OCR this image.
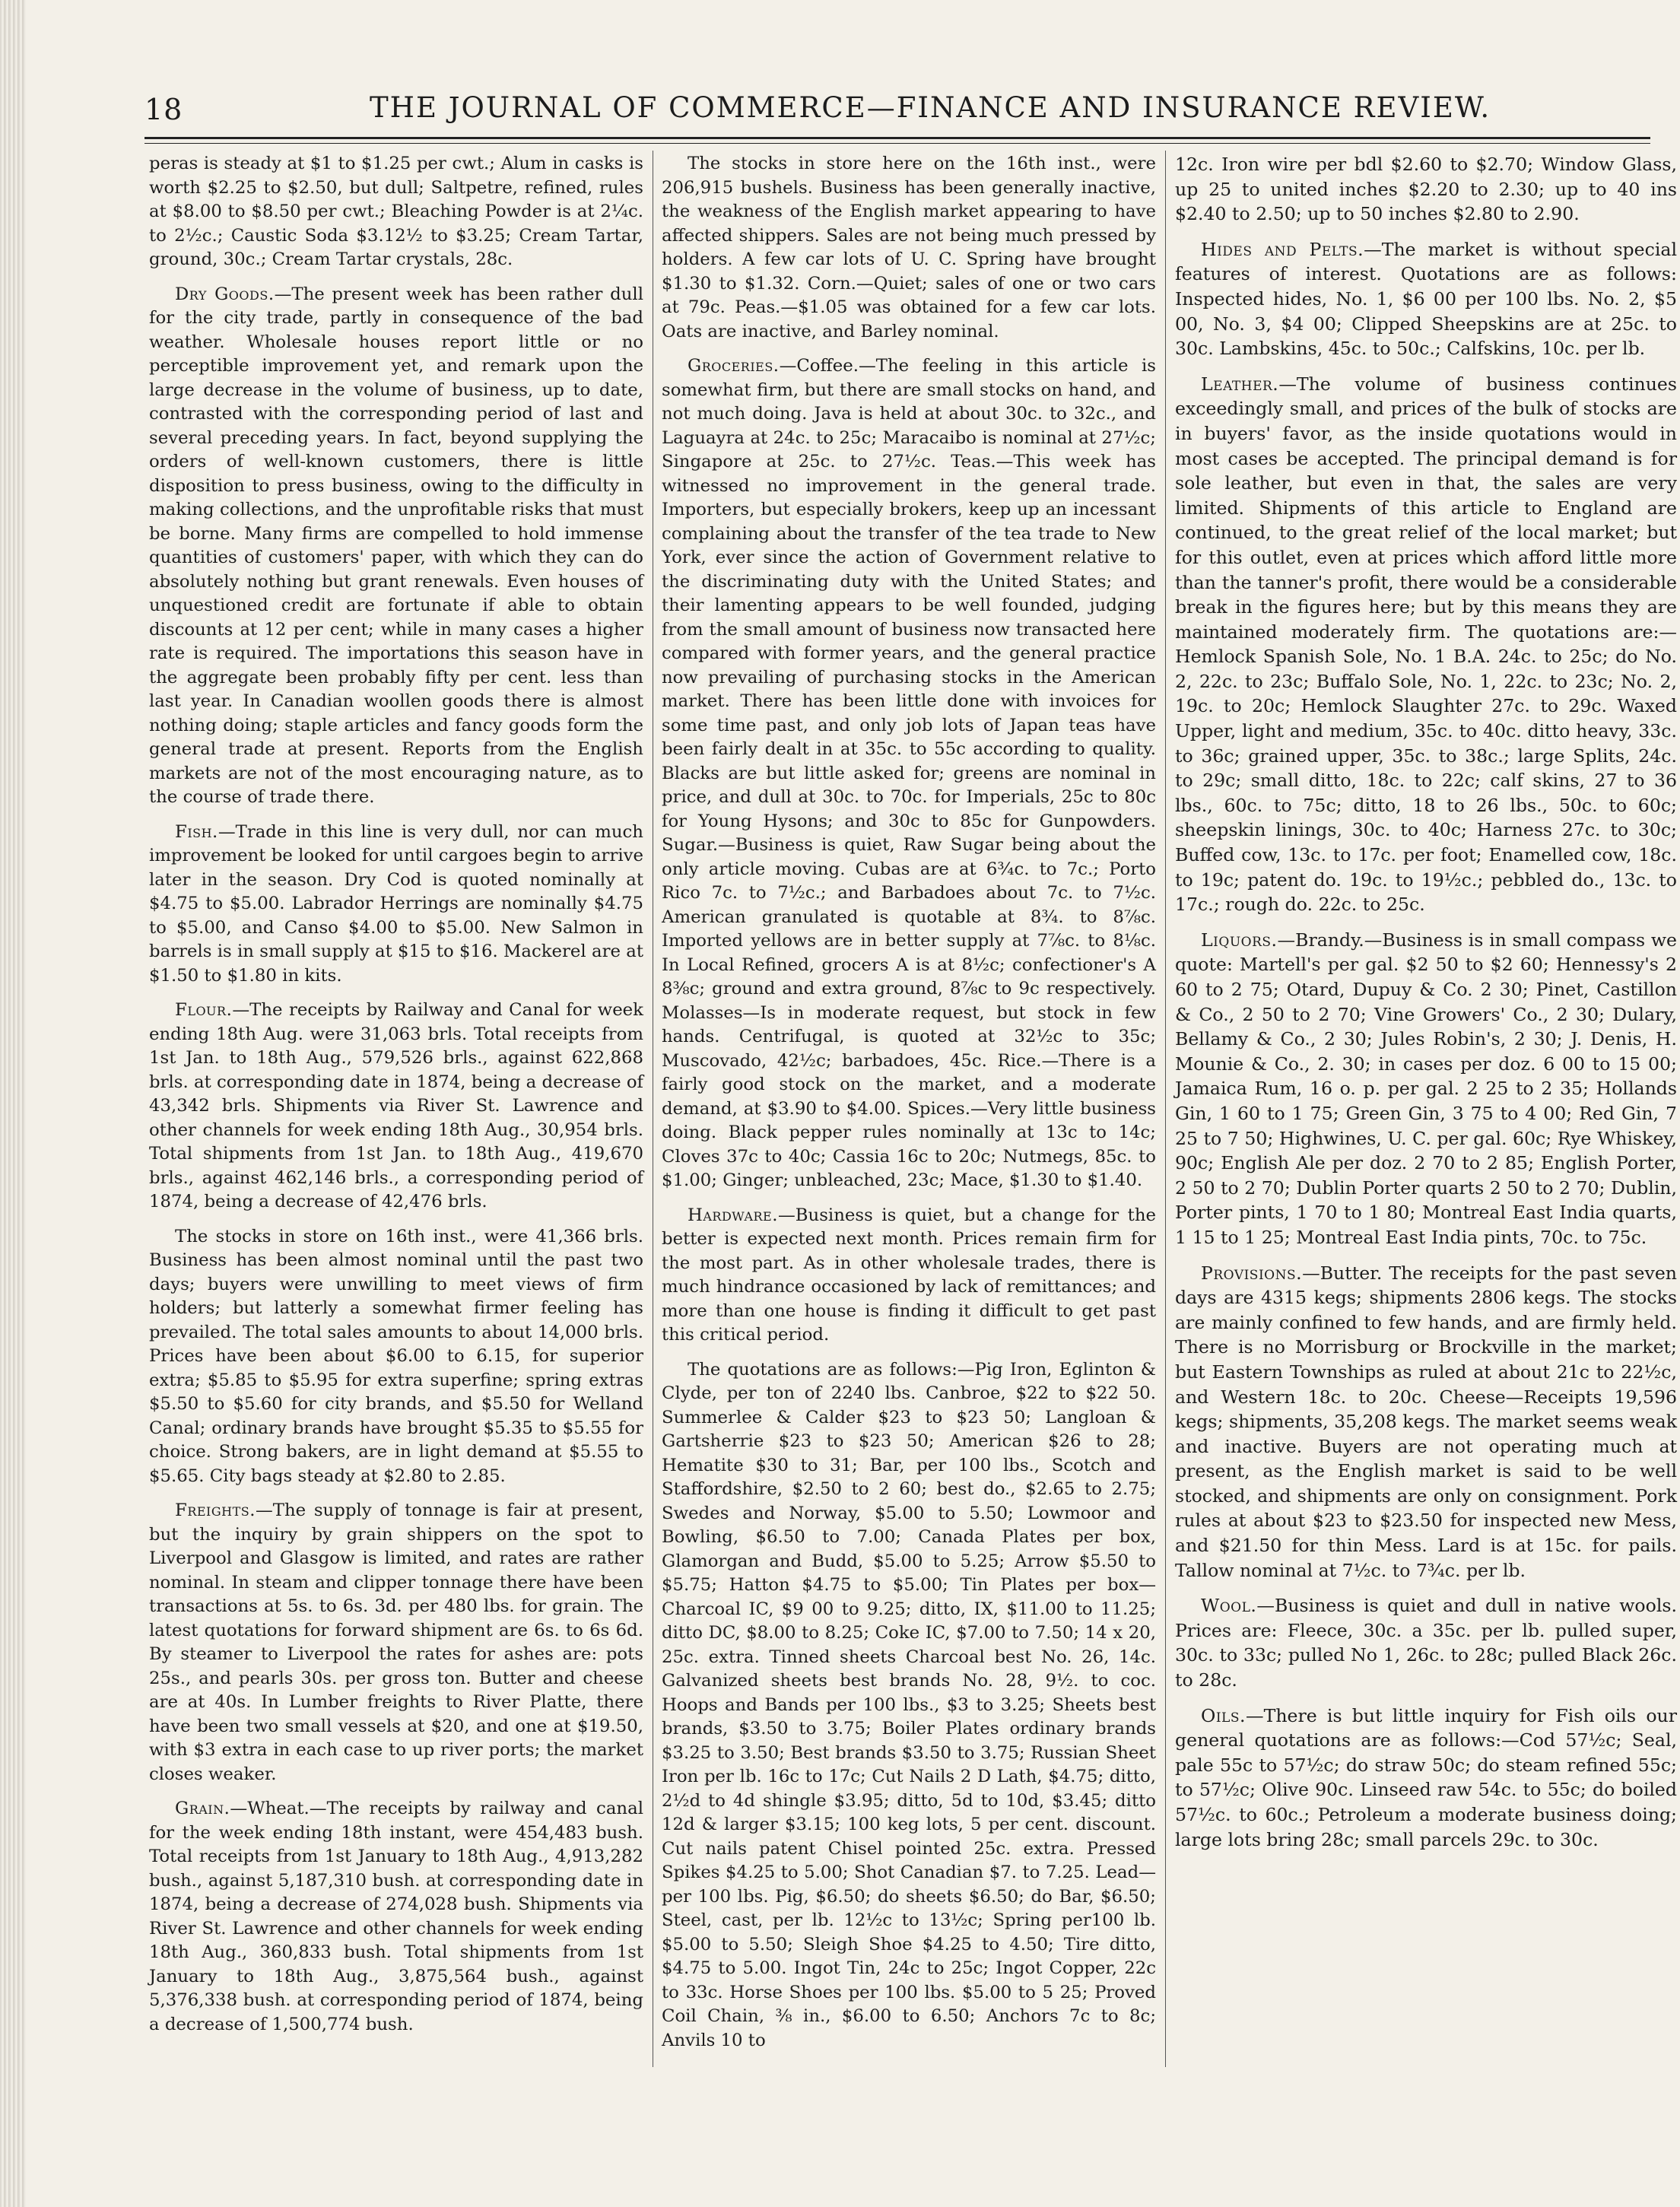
18	THE JOURNAL OF COMMERCE—FINANCE AND INSURANCE REVIEW.

peras is steady at $1 to $1.25 per cwt.; Alum in casks is worth $2.25 to $2.50, but dull; Saltpetre, refined, rules at $8.00 to $8.50 per cwt.; Bleaching Powder is at 2¼c. to 2½c.; Caustic Soda $3.12½ to $3.25; Cream Tartar, ground, 30c.; Cream Tartar crystals, 28c.

Dry Goods.—The present week has been rather dull for the city trade, partly in consequence of the bad weather. Wholesale houses report little or no perceptible improvement yet, and remark upon the large decrease in the volume of business, up to date, contrasted with the corresponding period of last and several preceding years. In fact, beyond supplying the orders of well-known customers, there is little disposition to press business, owing to the difficulty in making collections, and the unprofitable risks that must be borne. Many firms are compelled to hold immense quantities of customers' paper, with which they can do absolutely nothing but grant renewals. Even houses of unquestioned credit are fortunate if able to obtain discounts at 12 per cent; while in many cases a higher rate is required. The importations this season have in the aggregate been probably fifty per cent. less than last year. In Canadian woollen goods there is almost nothing doing; staple articles and fancy goods form the general trade at present. Reports from the English markets are not of the most encouraging nature, as to the course of trade there.

Fish.—Trade in this line is very dull, nor can much improvement be looked for until cargoes begin to arrive later in the season. Dry Cod is quoted nominally at $4.75 to $5.00. Labrador Herrings are nominally $4.75 to $5.00, and Canso $4.00 to $5.00. New Salmon in barrels is in small supply at $15 to $16. Mackerel are at $1.50 to $1.80 in kits.

Flour.—The receipts by Railway and Canal for week ending 18th Aug. were 31,063 brls. Total receipts from 1st Jan. to 18th Aug., 579,526 brls., against 622,868 brls. at corresponding date in 1874, being a decrease of 43,342 brls. Shipments via River St. Lawrence and other channels for week ending 18th Aug., 30,954 brls. Total shipments from 1st Jan. to 18th Aug., 419,670 brls., against 462,146 brls., a corresponding period of 1874, being a decrease of 42,476 brls.

The stocks in store on 16th inst., were 41,366 brls. Business has been almost nominal until the past two days; buyers were unwilling to meet views of firm holders; but latterly a somewhat firmer feeling has prevailed. The total sales amounts to about 14,000 brls. Prices have been about $6.00 to 6.15, for superior extra; $5.85 to $5.95 for extra superfine; spring extras $5.50 to $5.60 for city brands, and $5.50 for Welland Canal; ordinary brands have brought $5.35 to $5.55 for choice. Strong bakers, are in light demand at $5.55 to $5.65. City bags steady at $2.80 to 2.85.

Freights.—The supply of tonnage is fair at present, but the inquiry by grain shippers on the spot to Liverpool and Glasgow is limited, and rates are rather nominal. In steam and clipper tonnage there have been transactions at 5s. to 6s. 3d. per 480 lbs. for grain. The latest quotations for forward shipment are 6s. to 6s 6d. By steamer to Liverpool the rates for ashes are: pots 25s., and pearls 30s. per gross ton. Butter and cheese are at 40s. In Lumber freights to River Platte, there have been two small vessels at $20, and one at $19.50, with $3 extra in each case to up river ports; the market closes weaker.

Grain.—Wheat.—The receipts by railway and canal for the week ending 18th instant, were 454,483 bush. Total receipts from 1st January to 18th Aug., 4,913,282 bush., against 5,187,310 bush. at corresponding date in 1874, being a decrease of 274,028 bush. Shipments via River St. Lawrence and other channels for week ending 18th Aug., 360,833 bush. Total shipments from 1st January to 18th Aug., 3,875,564 bush., against 5,376,338 bush. at corresponding period of 1874, being a decrease of 1,500,774 bush.

The stocks in store here on the 16th inst., were 206,915 bushels. Business has been generally inactive, the weakness of the English market appearing to have affected shippers. Sales are not being much pressed by holders. A few car lots of U. C. Spring have brought $1.30 to $1.32. Corn.—Quiet; sales of one or two cars at 79c. Peas.—$1.05 was obtained for a few car lots. Oats are inactive, and Barley nominal.

Groceries.—Coffee.—The feeling in this article is somewhat firm, but there are small stocks on hand, and not much doing. Java is held at about 30c. to 32c., and Laguayra at 24c. to 25c; Maracaibo is nominal at 27½c; Singapore at 25c. to 27½c. Teas.—This week has witnessed no improvement in the general trade. Importers, but especially brokers, keep up an incessant complaining about the transfer of the tea trade to New York, ever since the action of Government relative to the discriminating duty with the United States; and their lamenting appears to be well founded, judging from the small amount of business now transacted here compared with former years, and the general practice now prevailing of purchasing stocks in the American market. There has been little done with invoices for some time past, and only job lots of Japan teas have been fairly dealt in at 35c. to 55c according to quality. Blacks are but little asked for; greens are nominal in price, and dull at 30c. to 70c. for Imperials, 25c to 80c for Young Hysons; and 30c to 85c for Gunpowders. Sugar.—Business is quiet, Raw Sugar being about the only article moving. Cubas are at 6¾c. to 7c.; Porto Rico 7c. to 7½c.; and Barbadoes about 7c. to 7½c. American granulated is quotable at 8¾. to 8⅞c. Imported yellows are in better supply at 7⅞c. to 8⅛c. In Local Refined, grocers A is at 8½c; confectioner's A 8⅜c; ground and extra ground, 8⅞c to 9c respectively. Molasses—Is in moderate request, but stock in few hands. Centrifugal, is quoted at 32½c to 35c; Muscovado, 42½c; barbadoes, 45c. Rice.—There is a fairly good stock on the market, and a moderate demand, at $3.90 to $4.00. Spices.—Very little business doing. Black pepper rules nominally at 13c to 14c; Cloves 37c to 40c; Cassia 16c to 20c; Nutmegs, 85c. to $1.00; Ginger; unbleached, 23c; Mace, $1.30 to $1.40.

Hardware.—Business is quiet, but a change for the better is expected next month. Prices remain firm for the most part. As in other wholesale trades, there is much hindrance occasioned by lack of remittances; and more than one house is finding it difficult to get past this critical period.

The quotations are as follows:—Pig Iron, Eglinton & Clyde, per ton of 2240 lbs. Canbroe, $22 to $22 50. Summerlee & Calder $23 to $23 50; Langloan & Gartsherrie $23 to $23 50; American $26 to 28; Hematite $30 to 31; Bar, per 100 lbs., Scotch and Staffordshire, $2.50 to 2 60; best do., $2.65 to 2.75; Swedes and Norway, $5.00 to 5.50; Lowmoor and Bowling, $6.50 to 7.00; Canada Plates per box, Glamorgan and Budd, $5.00 to 5.25; Arrow $5.50 to $5.75; Hatton $4.75 to $5.00; Tin Plates per box—Charcoal IC, $9 00 to 9.25; ditto, IX, $11.00 to 11.25; ditto DC, $8.00 to 8.25; Coke IC, $7.00 to 7.50; 14 x 20, 25c. extra. Tinned sheets Charcoal best No. 26, 14c. Galvanized sheets best brands No. 28, 9½. to coc. Hoops and Bands per 100 lbs., $3 to 3.25; Sheets best brands, $3.50 to 3.75; Boiler Plates ordinary brands $3.25 to 3.50; Best brands $3.50 to 3.75; Russian Sheet Iron per lb. 16c to 17c; Cut Nails 2 D Lath, $4.75; ditto, 2½d to 4d shingle $3.95; ditto, 5d to 10d, $3.45; ditto 12d & larger $3.15; 100 keg lots, 5 per cent. discount. Cut nails patent Chisel pointed 25c. extra. Pressed Spikes $4.25 to 5.00; Shot Canadian $7. to 7.25. Lead—per 100 lbs. Pig, $6.50; do sheets $6.50; do Bar, $6.50; Steel, cast, per lb. 12½c to 13½c; Spring per100 lb. $5.00 to 5.50; Sleigh Shoe $4.25 to 4.50; Tire ditto, $4.75 to 5.00. Ingot Tin, 24c to 25c; Ingot Copper, 22c to 33c. Horse Shoes per 100 lbs. $5.00 to 5 25; Proved Coil Chain, ⅜ in., $6.00 to 6.50; Anchors 7c to 8c; Anvils 10 to

12c. Iron wire per bdl $2.60 to $2.70; Window Glass, up 25 to united inches $2.20 to 2.30; up to 40 ins $2.40 to 2.50; up to 50 inches $2.80 to 2.90.

Hides and Pelts.—The market is without special features of interest. Quotations are as follows: Inspected hides, No. 1, $6 00 per 100 lbs. No. 2, $5 00, No. 3, $4 00; Clipped Sheepskins are at 25c. to 30c. Lambskins, 45c. to 50c.; Calfskins, 10c. per lb.

Leather.—The volume of business continues exceedingly small, and prices of the bulk of stocks are in buyers' favor, as the inside quotations would in most cases be accepted. The principal demand is for sole leather, but even in that, the sales are very limited. Shipments of this article to England are continued, to the great relief of the local market; but for this outlet, even at prices which afford little more than the tanner's profit, there would be a considerable break in the figures here; but by this means they are maintained moderately firm. The quotations are:—Hemlock Spanish Sole, No. 1 B.A. 24c. to 25c; do No. 2, 22c. to 23c; Buffalo Sole, No. 1, 22c. to 23c; No. 2, 19c. to 20c; Hemlock Slaughter 27c. to 29c. Waxed Upper, light and medium, 35c. to 40c. ditto heavy, 33c. to 36c; grained upper, 35c. to 38c.; large Splits, 24c. to 29c; small ditto, 18c. to 22c; calf skins, 27 to 36 lbs., 60c. to 75c; ditto, 18 to 26 lbs., 50c. to 60c; sheepskin linings, 30c. to 40c; Harness 27c. to 30c; Buffed cow, 13c. to 17c. per foot; Enamelled cow, 18c. to 19c; patent do. 19c. to 19½c.; pebbled do., 13c. to 17c.; rough do. 22c. to 25c.

Liquors.—Brandy.—Business is in small compass we quote: Martell's per gal. $2 50 to $2 60; Hennessy's 2 60 to 2 75; Otard, Dupuy & Co. 2 30; Pinet, Castillon & Co., 2 50 to 2 70; Vine Growers' Co., 2 30; Dulary, Bellamy & Co., 2 30; Jules Robin's, 2 30; J. Denis, H. Mounie & Co., 2. 30; in cases per doz. 6 00 to 15 00; Jamaica Rum, 16 o. p. per gal. 2 25 to 2 35; Hollands Gin, 1 60 to 1 75; Green Gin, 3 75 to 4 00; Red Gin, 7 25 to 7 50; Highwines, U. C. per gal. 60c; Rye Whiskey, 90c; English Ale per doz. 2 70 to 2 85; English Porter, 2 50 to 2 70; Dublin Porter quarts 2 50 to 2 70; Dublin, Porter pints, 1 70 to 1 80; Montreal East India quarts, 1 15 to 1 25; Montreal East India pints, 70c. to 75c.

Provisions.—Butter. The receipts for the past seven days are 4315 kegs; shipments 2806 kegs. The stocks are mainly confined to few hands, and are firmly held. There is no Morrisburg or Brockville in the market; but Eastern Townships as ruled at about 21c to 22½c, and Western 18c. to 20c. Cheese—Receipts 19,596 kegs; shipments, 35,208 kegs. The market seems weak and inactive. Buyers are not operating much at present, as the English market is said to be well stocked, and shipments are only on consignment. Pork rules at about $23 to $23.50 for inspected new Mess, and $21.50 for thin Mess. Lard is at 15c. for pails. Tallow nominal at 7½c. to 7¾c. per lb.

Wool.—Business is quiet and dull in native wools. Prices are: Fleece, 30c. a 35c. per lb. pulled super, 30c. to 33c; pulled No 1, 26c. to 28c; pulled Black 26c. to 28c.

Oils.—There is but little inquiry for Fish oils our general quotations are as follows:—Cod 57½c; Seal, pale 55c to 57½c; do straw 50c; do steam refined 55c; to 57½c; Olive 90c. Linseed raw 54c. to 55c; do boiled 57½c. to 60c.; Petroleum a moderate business doing; large lots bring 28c; small parcels 29c. to 30c.
